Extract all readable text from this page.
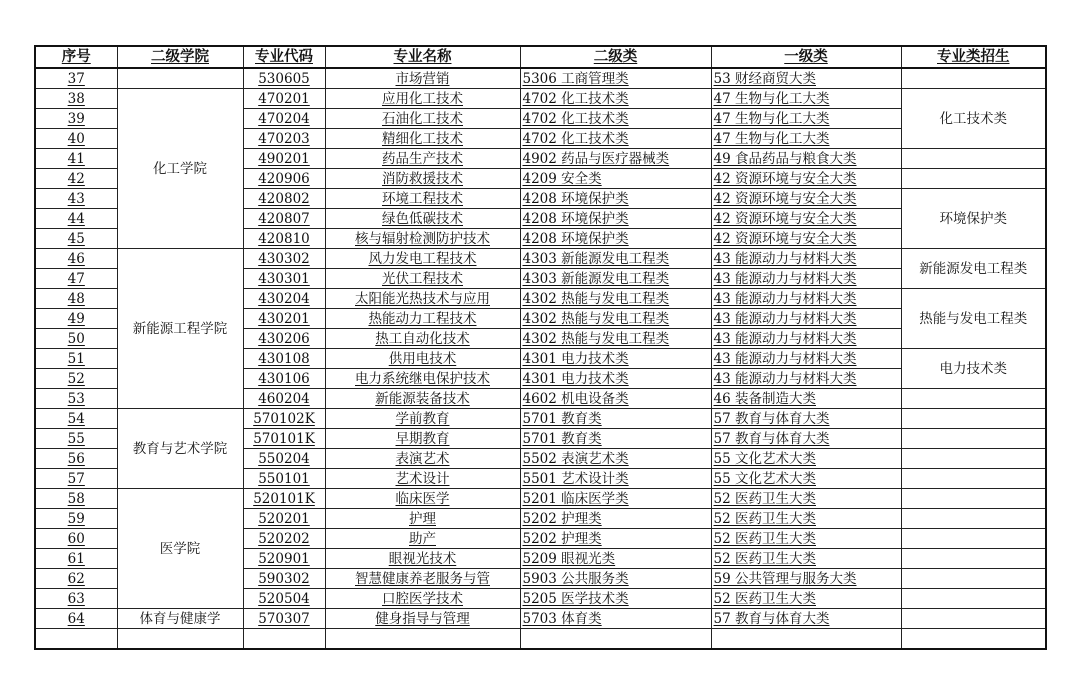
序号	二级学院	专业代码	专业名称	二级类	一级类	专业类招生
37		530605	市场营销	5306 工商管理类	53 财经商贸大类	
38	化工学院	470201	应用化工技术	4702 化工技术类	47 生物与化工大类	化工技术类
39		470204	石油化工技术	4702 化工技术类	47 生物与化工大类	
40		470203	精细化工技术	4702 化工技术类	47 生物与化工大类	
41		490201	药品生产技术	4902 药品与医疗器械类	49 食品药品与粮食大类	
42		420906	消防救援技术	4209 安全类	42 资源环境与安全大类	
43		420802	环境工程技术	4208 环境保护类	42 资源环境与安全大类	环境保护类
44		420807	绿色低碳技术	4208 环境保护类	42 资源环境与安全大类	
45		420810	核与辐射检测防护技术	4208 环境保护类	42 资源环境与安全大类	
46	新能源工程学院	430302	风力发电工程技术	4303 新能源发电工程类	43 能源动力与材料大类	新能源发电工程类
47		430301	光伏工程技术	4303 新能源发电工程类	43 能源动力与材料大类	
48		430204	太阳能光热技术与应用	4302 热能与发电工程类	43 能源动力与材料大类	热能与发电工程类
49		430201	热能动力工程技术	4302 热能与发电工程类	43 能源动力与材料大类	
50		430206	热工自动化技术	4302 热能与发电工程类	43 能源动力与材料大类	
51		430108	供用电技术	4301 电力技术类	43 能源动力与材料大类	电力技术类
52		430106	电力系统继电保护技术	4301 电力技术类	43 能源动力与材料大类	
53		460204	新能源装备技术	4602 机电设备类	46 装备制造大类	
54	教育与艺术学院	570102K	学前教育	5701 教育类	57 教育与体育大类	
55		570101K	早期教育	5701 教育类	57 教育与体育大类	
56		550204	表演艺术	5502 表演艺术类	55 文化艺术大类	
57		550101	艺术设计	5501 艺术设计类	55 文化艺术大类	
58	医学院	520101K	临床医学	5201 临床医学类	52 医药卫生大类	
59		520201	护理	5202 护理类	52 医药卫生大类	
60		520202	助产	5202 护理类	52 医药卫生大类	
61		520901	眼视光技术	5209 眼视光类	52 医药卫生大类	
62		590302	智慧健康养老服务与管	5903 公共服务类	59 公共管理与服务大类	
63		520504	口腔医学技术	5205 医学技术类	52 医药卫生大类	
64	体育与健康学	570307	健身指导与管理	5703 体育类	57 教育与体育大类	
